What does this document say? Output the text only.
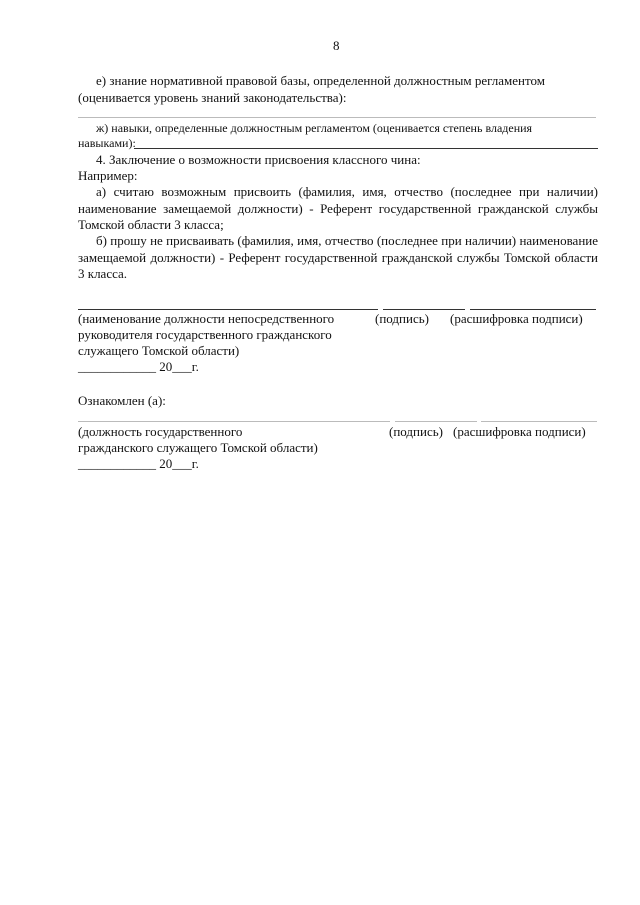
8
е) знание нормативной правовой базы, определенной должностным регламентом
(оценивается уровень знаний законодательства):
ж) навыки, определенные должностным регламентом (оценивается степень владения
навыками):
4. Заключение о возможности присвоения классного чина:
Например:
а) считаю возможным присвоить (фамилия, имя, отчество (последнее при наличии) наименование замещаемой должности) - Референт государственной гражданской службы Томской области 3 класса;
б) прошу не присваивать (фамилия, имя, отчество (последнее при наличии) наименование замещаемой должности) - Референт государственной гражданской службы Томской области 3 класса.
(наименование должности непосредственного	(подпись) (расшифровка подписи)
руководителя государственного гражданского
служащего Томской области)
____________ 20___г.
Ознакомлен (а):
(должность государственного	(подпись) (расшифровка подписи)
гражданского служащего Томской области)
____________ 20___г.
